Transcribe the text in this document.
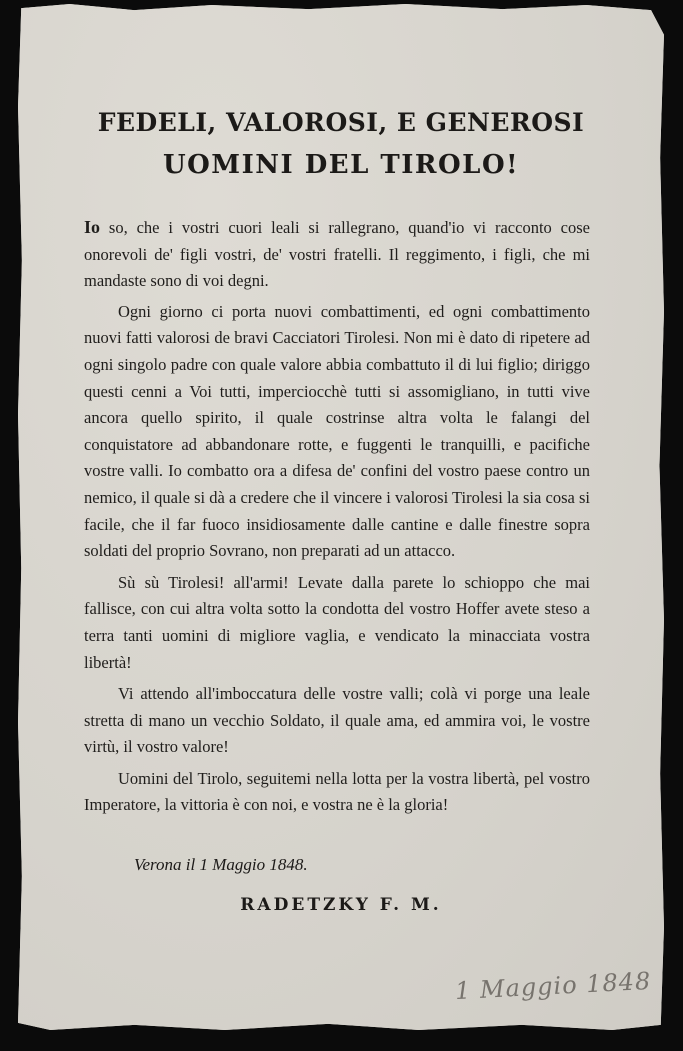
FEDELI, VALOROSI, E GENEROSI
UOMINI DEL TIROLO!

Io so, che i vostri cuori leali si rallegrano, quand'io vi racconto cose onorevoli de' figli vostri, de' vostri fratelli. Il reggimento, i figli, che mi mandaste sono di voi degni.

Ogni giorno ci porta nuovi combattimenti, ed ogni combattimento nuovi fatti valorosi de bravi Cacciatori Tirolesi. Non mi è dato di ripetere ad ogni singolo padre con quale valore abbia combattuto il di lui figlio; diriggo questi cenni a Voi tutti, imperciocchè tutti si assomigliano, in tutti vive ancora quello spirito, il quale costrinse altra volta le falangi del conquistatore ad abbandonare rotte, e fuggenti le tranquilli, e pacifiche vostre valli. Io combatto ora a difesa de' confini del vostro paese contro un nemico, il quale si dà a credere che il vincere i valorosi Tirolesi la sia cosa si facile, che il far fuoco insidiosamente dalle cantine e dalle finestre sopra soldati del proprio Sovrano, non preparati ad un attacco.

Sù sù Tirolesi! all'armi! Levate dalla parete lo schioppo che mai fallisce, con cui altra volta sotto la condotta del vostro Hoffer avete steso a terra tanti uomini di migliore vaglia, e vendicato la minacciata vostra libertà!

Vi attendo all'imboccatura delle vostre valli; colà vi porge una leale stretta di mano un vecchio Soldato, il quale ama, ed ammira voi, le vostre virtù, il vostro valore!

Uomini del Tirolo, seguitemi nella lotta per la vostra libertà, pel vostro Imperatore, la vittoria è con noi, e vostra ne è la gloria!

Verona il 1 Maggio 1848.
RADETZKY F. M.
1 Maggio 1848
